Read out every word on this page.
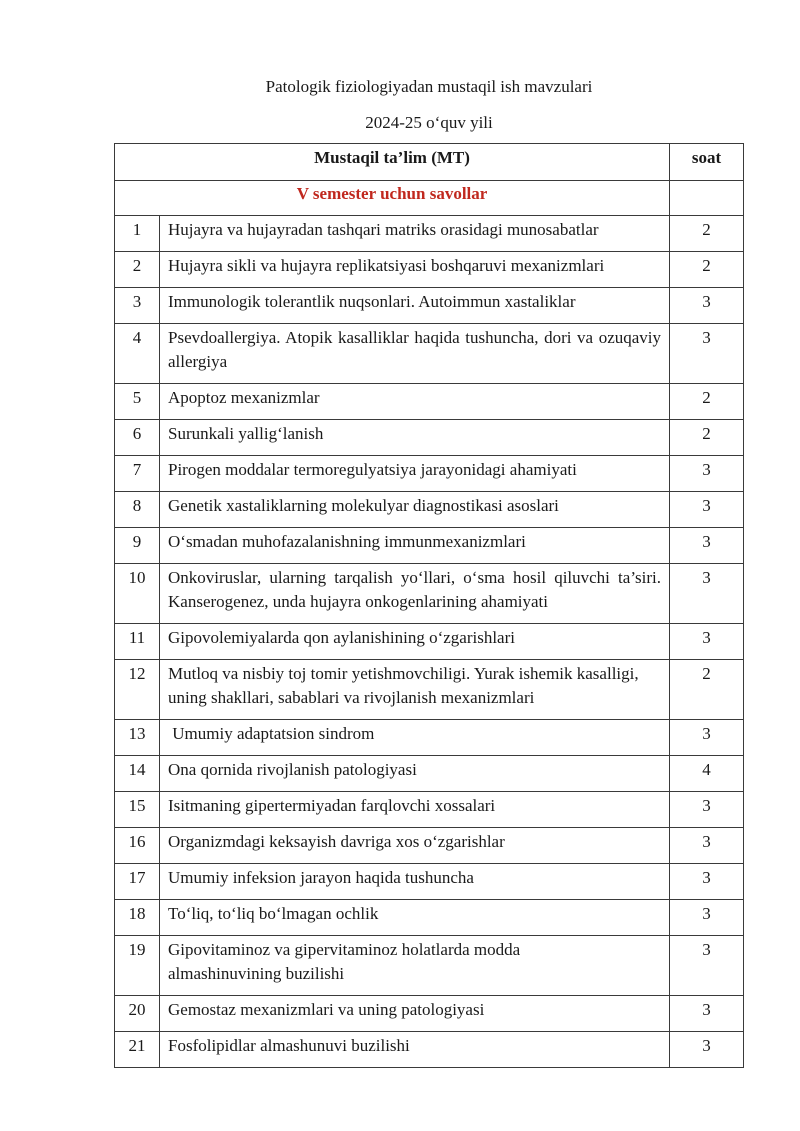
Patologik fiziologiyadan mustaqil ish mavzulari
2024-25 o‘quv yili
Mustaqil ta’lim (MT)		soat
V semester uchun savollar		
1	Hujayra va hujayradan tashqari matriks orasidagi munosabatlar	2
2	Hujayra sikli va hujayra replikatsiyasi boshqaruvi mexanizmlari	2
3	Immunologik tolerantlik nuqsonlari. Autoimmun xastaliklar	3
4	Psevdoallergiya. Atopik kasalliklar haqida tushuncha, dori va ozuqaviy allergiya	3
5	Apoptoz mexanizmlar	2
6	Surunkali yallig‘lanish	2
7	Pirogen moddalar termoregulyatsiya jarayonidagi ahamiyati	3
8	Genetik xastaliklarning molekulyar diagnostikasi asoslari	3
9	O‘smadan muhofazalanishning immunmexanizmlari	3
10	Onkoviruslar, ularning tarqalish yo‘llari, o‘sma hosil qiluvchi ta’siri. Kanserogenez, unda hujayra onkogenlarining ahamiyati	3
11	Gipovolemiyalarda qon aylanishining o‘zgarishlari	3
12	Mutloq va nisbiy toj tomir yetishmovchiligi. Yurak ishemik kasalligi, uning shakllari, sabablari va rivojlanish mexanizmlari	2
13	Umumiy adaptatsion sindrom	3
14	Ona qornida rivojlanish patologiyasi	4
15	Isitmaning gipertermiyadan farqlovchi xossalari	3
16	Organizmdagi keksayish davriga xos o‘zgarishlar	3
17	Umumiy infeksion jarayon haqida tushuncha	3
18	To‘liq, to‘liq bo‘lmagan ochlik	3
19	Gipovitaminoz va gipervitaminoz holatlarda modda almashinuvining buzilishi	3
20	Gemostaz mexanizmlari va uning patologiyasi	3
21	Fosfolipidlar almashunuvi buzilishi	3
